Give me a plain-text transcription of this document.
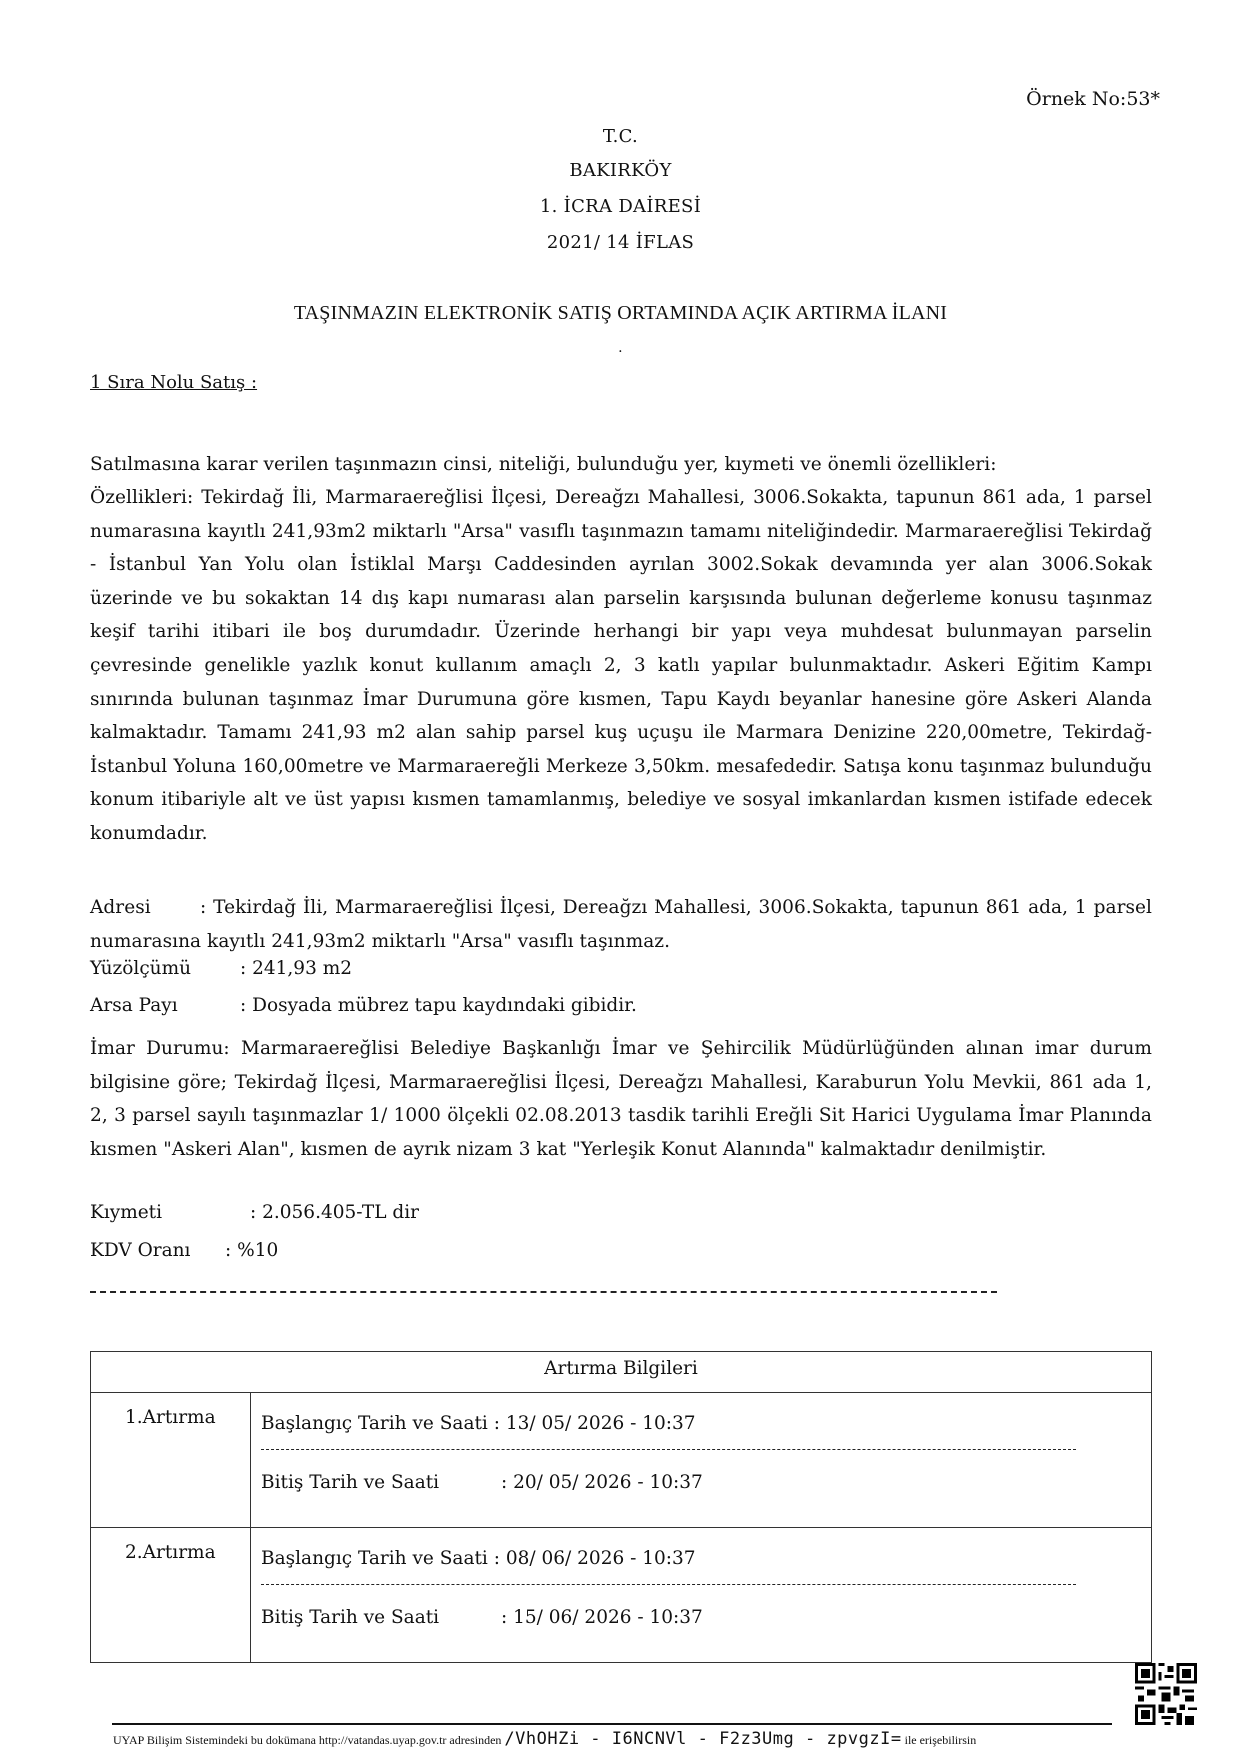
Örnek No:53*
T.C.
BAKIRKÖY
1. İCRA DAİRESİ
2021/ 14 İFLAS
TAŞINMAZIN ELEKTRONİK SATIŞ ORTAMINDA AÇIK ARTIRMA İLANI
.
1 Sıra Nolu Satış :
Satılmasına karar verilen taşınmazın cinsi, niteliği, bulunduğu yer, kıymeti ve önemli özellikleri:
Özellikleri: Tekirdağ İli, Marmaraereğlisi İlçesi, Dereağzı Mahallesi, 3006.Sokakta, tapunun 861 ada, 1 parsel numarasına kayıtlı 241,93m2 miktarlı "Arsa" vasıflı taşınmazın tamamı niteliğindedir. Marmaraereğlisi Tekirdağ - İstanbul Yan Yolu olan İstiklal Marşı Caddesinden ayrılan 3002.Sokak devamında yer alan 3006.Sokak üzerinde ve bu sokaktan 14 dış kapı numarası alan parselin karşısında bulunan değerleme konusu taşınmaz keşif tarihi itibari ile boş durumdadır. Üzerinde herhangi bir yapı veya muhdesat bulunmayan parselin çevresinde genelikle yazlık konut kullanım amaçlı 2, 3 katlı yapılar bulunmaktadır. Askeri Eğitim Kampı sınırında bulunan taşınmaz İmar Durumuna göre kısmen, Tapu Kaydı beyanlar hanesine göre Askeri Alanda kalmaktadır. Tamamı 241,93 m2 alan sahip parsel kuş uçuşu ile Marmara Denizine 220,00metre, Tekirdağ- İstanbul Yoluna 160,00metre ve Marmaraereğli Merkeze 3,50km. mesafededir. Satışa konu taşınmaz bulunduğu konum itibariyle alt ve üst yapısı kısmen tamamlanmış, belediye ve sosyal imkanlardan kısmen istifade edecek konumdadır.
Adresi	: Tekirdağ İli, Marmaraereğlisi İlçesi, Dereağzı Mahallesi, 3006.Sokakta, tapunun 861 ada, 1 parsel numarasına kayıtlı 241,93m2 miktarlı "Arsa" vasıflı taşınmaz.
Yüzölçümü	: 241,93 m2
Arsa Payı	: Dosyada mübrez tapu kaydındaki gibidir.
İmar Durumu: Marmaraereğlisi Belediye Başkanlığı İmar ve Şehircilik Müdürlüğünden alınan imar durum bilgisine göre; Tekirdağ İlçesi, Marmaraereğlisi İlçesi, Dereağzı Mahallesi, Karaburun Yolu Mevkii, 861 ada 1, 2, 3 parsel sayılı taşınmazlar 1/ 1000 ölçekli 02.08.2013 tasdik tarihli Ereğli Sit Harici Uygulama İmar Planında kısmen "Askeri Alan", kısmen de ayrık nizam 3 kat "Yerleşik Konut Alanında" kalmaktadır denilmiştir.
Kıymeti	: 2.056.405-TL dir
KDV Oranı : %10
Artırma Bilgileri	
1.Artırma	Başlangıç Tarih ve Saati : 13/ 05/ 2026 - 10:37
Bitiş Tarih ve Saati : 20/ 05/ 2026 - 10:37

2.Artırma	Başlangıç Tarih ve Saati : 08/ 06/ 2026 - 10:37
Bitiş Tarih ve Saati : 15/ 06/ 2026 - 10:37
UYAP Bilişim Sistemindeki bu dokümana http://vatandas.uyap.gov.tr adresinden /VhOHZi - I6NCNVl - F2z3Umg - zpvgzI= ile erişebilirsin
